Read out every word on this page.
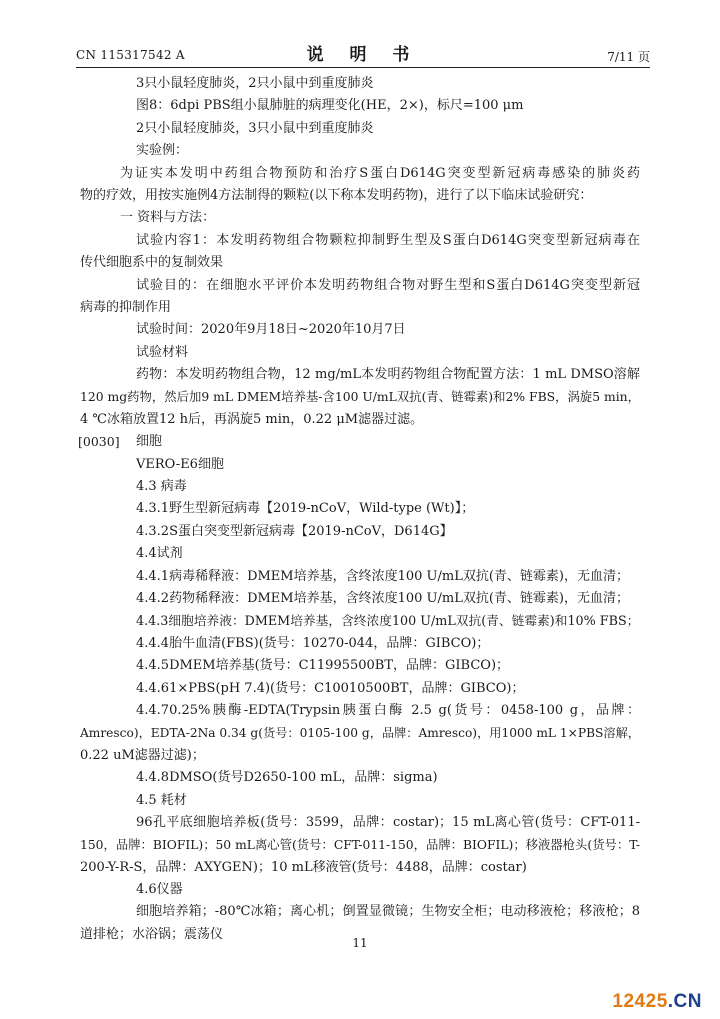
CN 115317542 A	说 明 书	7/11 页
3只小鼠轻度肺炎，2只小鼠中到重度肺炎
图8：6dpi PBS组小鼠肺脏的病理变化(HE，2×)，标尺=100 μm
2只小鼠轻度肺炎，3只小鼠中到重度肺炎
实验例：
为证实本发明中药组合物预防和治疗S蛋白D614G突变型新冠病毒感染的肺炎药
物的疗效，用按实施例4方法制得的颗粒(以下称本发明药物)，进行了以下临床试验研究：
一 资料与方法：
试验内容1：本发明药物组合物颗粒抑制野生型及S蛋白D614G突变型新冠病毒在
传代细胞系中的复制效果
试验目的：在细胞水平评价本发明药物组合物对野生型和S蛋白D614G突变型新冠
病毒的抑制作用
试验时间：2020年9月18日~2020年10月7日
试验材料
药物：本发明药物组合物，12 mg/mL本发明药物组合物配置方法：1 mL DMSO溶解
120 mg药物，然后加9 mL DMEM培养基-含100 U/mL双抗(青、链霉素)和2% FBS，涡旋5 min，
4 ℃冰箱放置12 h后，再涡旋5 min，0.22 μM滤器过滤。
[0030] 细胞
VERO-E6细胞
4.3 病毒
4.3.1野生型新冠病毒【2019-nCoV，Wild-type (Wt)】；
4.3.2S蛋白突变型新冠病毒【2019-nCoV，D614G】
4.4试剂
4.4.1病毒稀释液：DMEM培养基，含终浓度100 U/mL双抗(青、链霉素)，无血清；
4.4.2药物稀释液：DMEM培养基，含终浓度100 U/mL双抗(青、链霉素)，无血清；
4.4.3细胞培养液：DMEM培养基，含终浓度100 U/mL双抗(青、链霉素)和10% FBS；
4.4.4胎牛血清(FBS)(货号：10270-044，品牌：GIBCO)；
4.4.5DMEM培养基(货号：C11995500BT，品牌：GIBCO)；
4.4.61×PBS(pH 7.4)(货号：C10010500BT，品牌：GIBCO)；
4.4.70.25%胰酶-EDTA(Trypsin胰蛋白酶 2.5 g(货号：0458-100 g，品牌：
Amresco)，EDTA-2Na 0.34 g(货号：0105-100 g，品牌：Amresco)，用1000 mL 1×PBS溶解，
0.22 uM滤器过滤)；
4.4.8DMSO(货号D2650-100 mL，品牌：sigma)
4.5 耗材
96孔平底细胞培养板(货号：3599，品牌：costar)；15 mL离心管(货号：CFT-011-
150，品牌：BIOFIL)；50 mL离心管(货号：CFT-011-150，品牌：BIOFIL)；移液器枪头(货号：T-
200-Y-R-S，品牌：AXYGEN)；10 mL移液管(货号：4488，品牌：costar)
4.6仪器
细胞培养箱；-80℃冰箱；离心机；倒置显微镜；生物安全柜；电动移液枪；移液枪；8
道排枪；水浴锅；震荡仪
11
12425.CN
